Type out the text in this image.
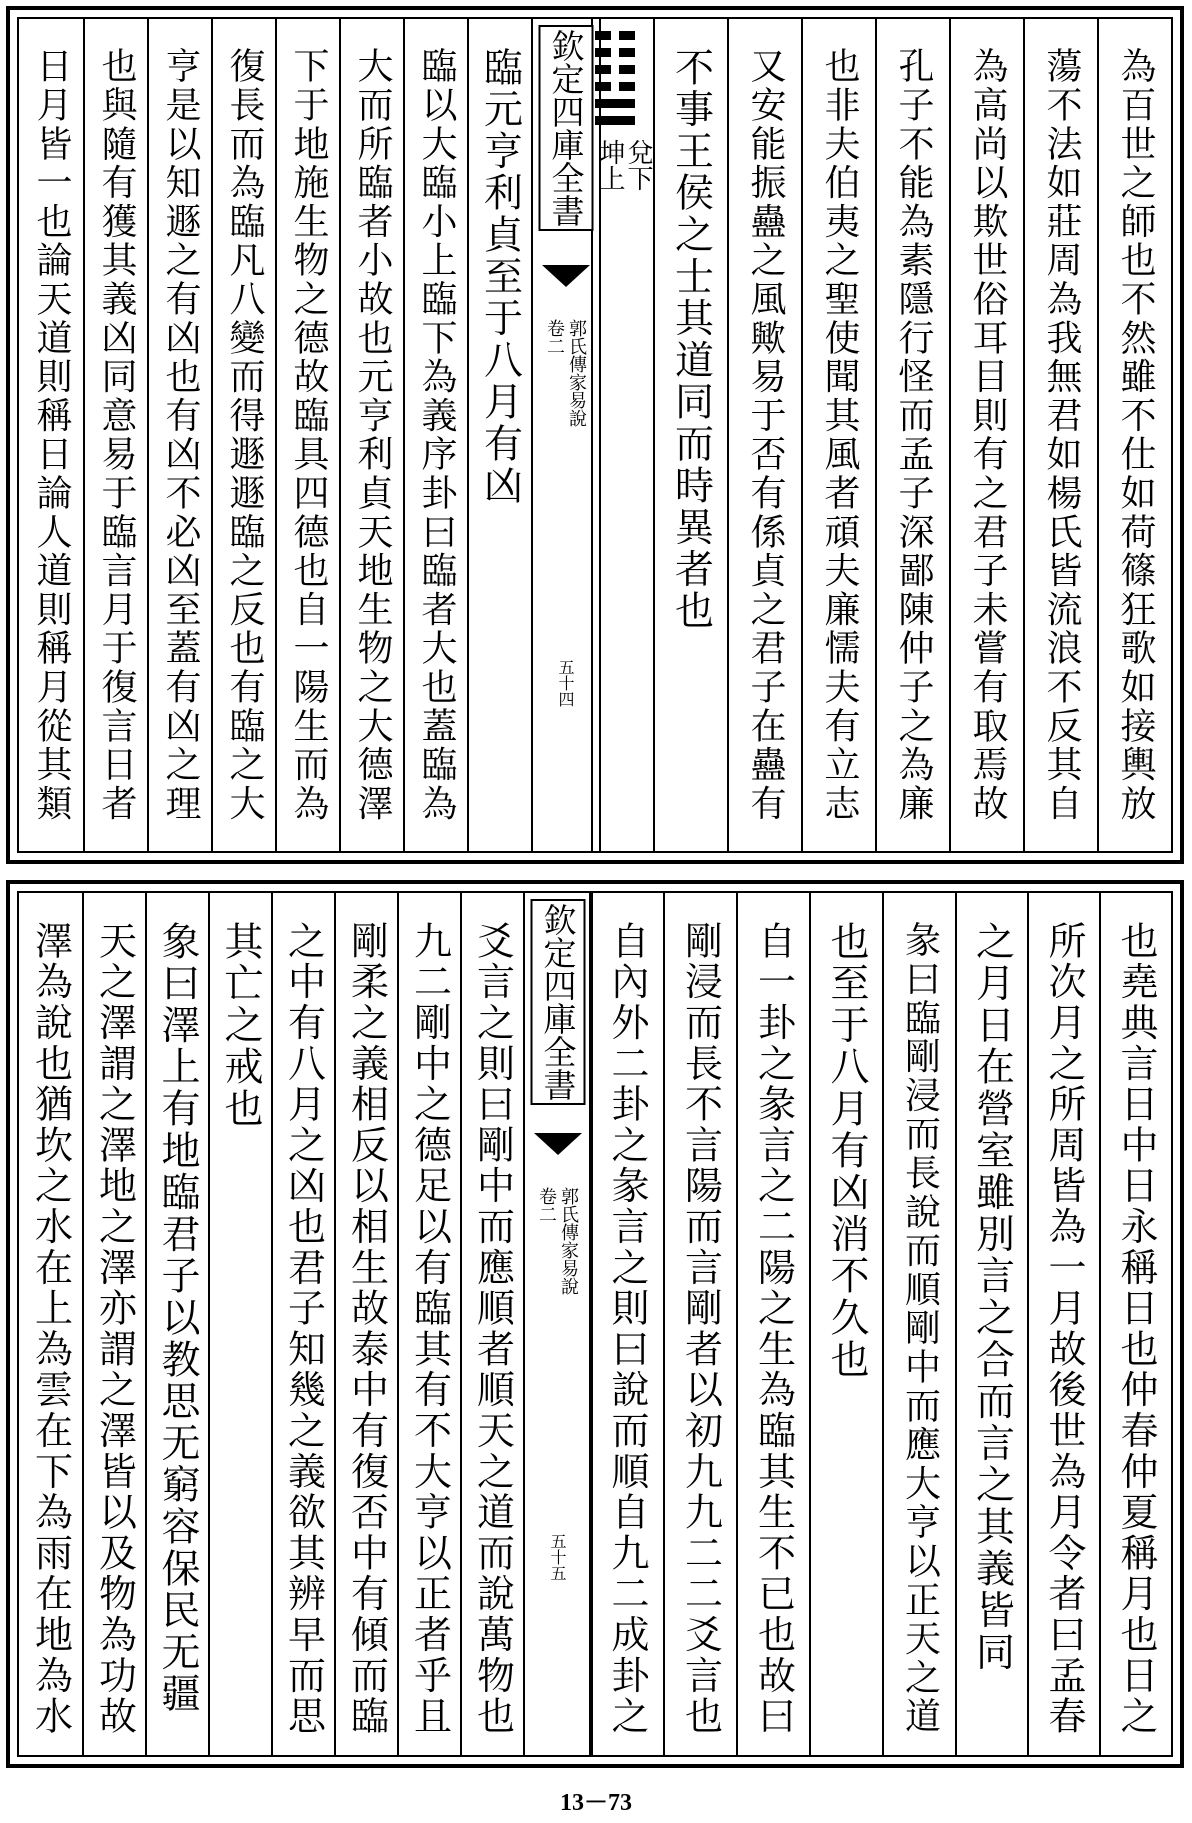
為百世之師也不然雖不仕如荷篠狂歌如接輿放
蕩不法如莊周為我無君如楊氏皆流浪不反其自
為高尚以欺世俗耳目則有之君子未嘗有取焉故
孔子不能為素隱行怪而孟子深鄙陳仲子之為廉
也非夫伯夷之聖使聞其風者頑夫廉懦夫有立志
又安能振蠱之風歟易于否有係貞之君子在蠱有
不事王侯之士其道同而時異者也
兌下
坤上
欽定四庫全書
郭氏傳家易說
卷二
五十四
臨元亨利貞至于八月有凶
臨以大臨小上臨下為義序卦曰臨者大也蓋臨為
大而所臨者小故也元亨利貞天地生物之大德澤
下于地施生物之德故臨具四德也自一陽生而為
復長而為臨凡八變而得遯遯臨之反也有臨之大
亨是以知遯之有凶也有凶不必凶至蓋有凶之理
也與隨有獲其義凶同意易于臨言月于復言日者
日月皆一也論天道則稱日論人道則稱月從其類
也堯典言日中日永稱日也仲春仲夏稱月也日之
所次月之所周皆為一月故後世為月令者曰孟春
之月日在營室雖別言之合而言之其義皆同
彖曰臨剛浸而長說而順剛中而應大亨以正天之道
也至于八月有凶消不久也
自一卦之彖言之二陽之生為臨其生不已也故曰
剛浸而長不言陽而言剛者以初九九二二爻言也
自內外二卦之彖言之則曰說而順自九二成卦之
欽定四庫全書
郭氏傳家易說
卷二
五十五
爻言之則曰剛中而應順者順天之道而說萬物也
九二剛中之德足以有臨其有不大亨以正者乎且
剛柔之義相反以相生故泰中有復否中有傾而臨
之中有八月之凶也君子知幾之義欲其辨早而思
其亡之戒也
象曰澤上有地臨君子以教思无窮容保民无疆
天之澤謂之澤地之澤亦謂之澤皆以及物為功故
澤為說也猶坎之水在上為雲在下為雨在地為水
13－73
